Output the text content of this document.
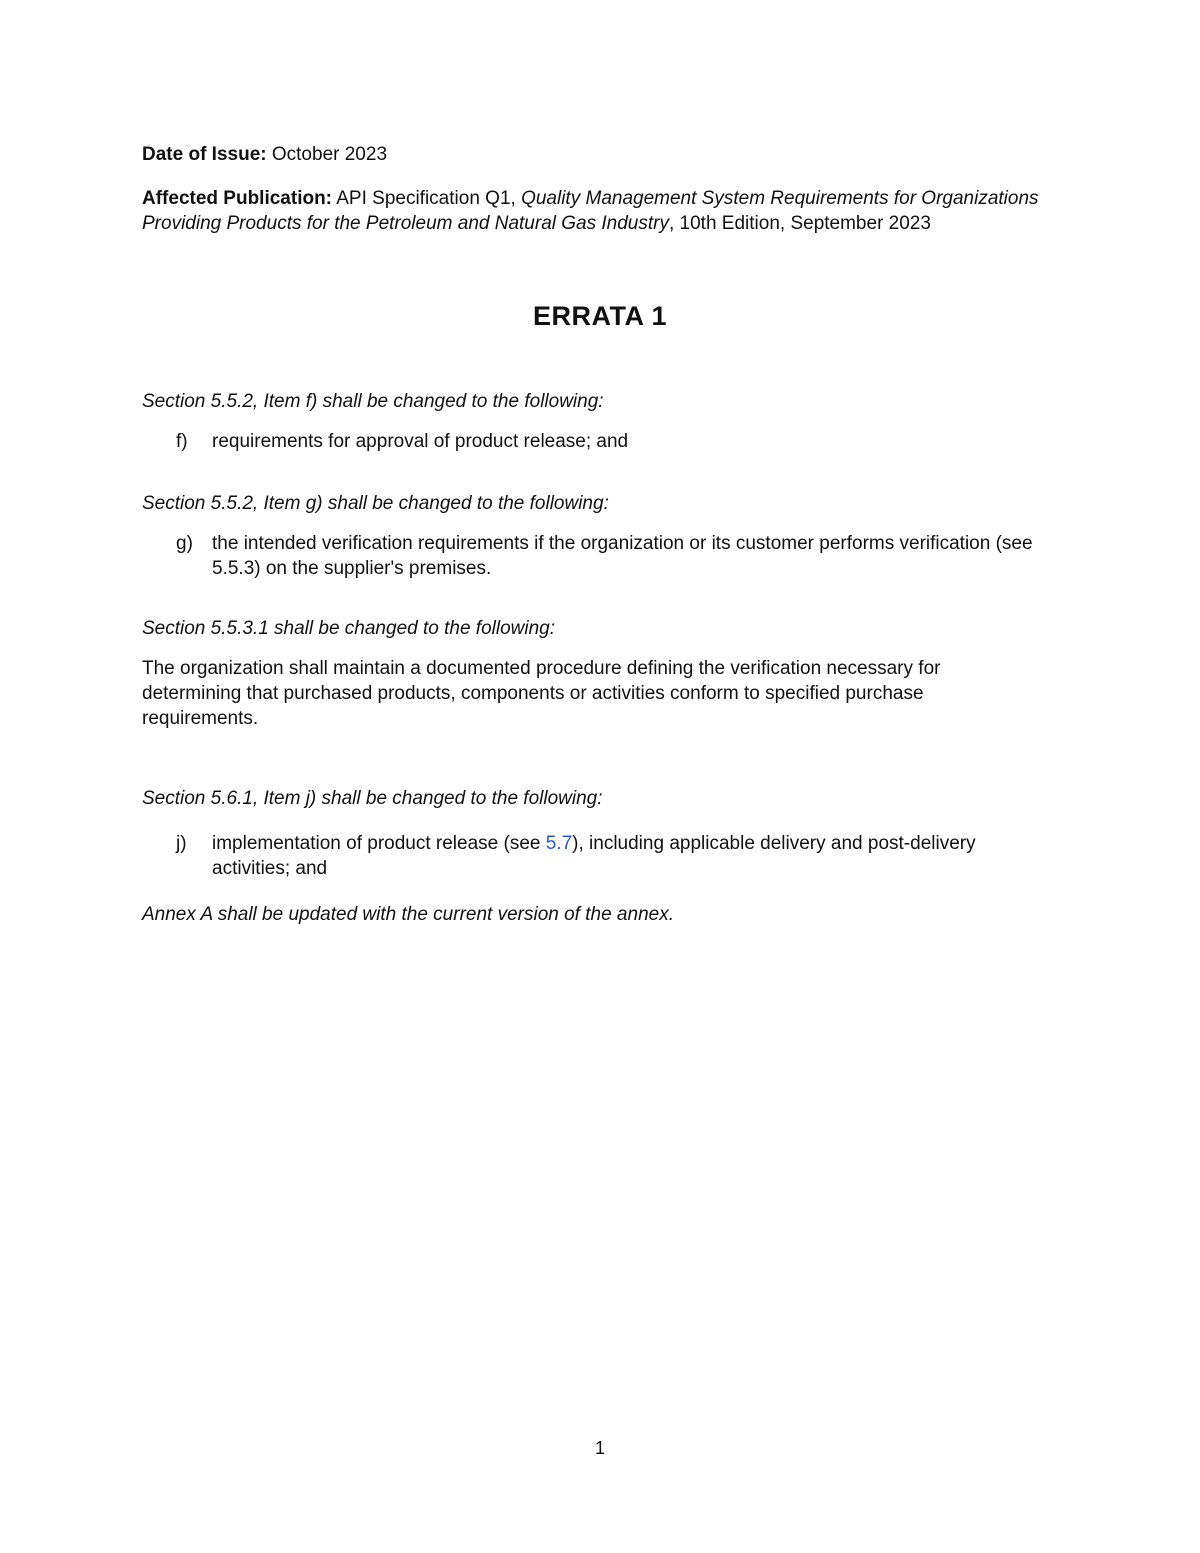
Date of Issue: October 2023
Affected Publication: API Specification Q1, Quality Management System Requirements for Organizations Providing Products for the Petroleum and Natural Gas Industry, 10th Edition, September 2023
ERRATA 1
Section 5.5.2, Item f) shall be changed to the following:
f) requirements for approval of product release; and
Section 5.5.2, Item g) shall be changed to the following:
g) the intended verification requirements if the organization or its customer performs verification (see 5.5.3) on the supplier's premises.
Section 5.5.3.1 shall be changed to the following:
The organization shall maintain a documented procedure defining the verification necessary for determining that purchased products, components or activities conform to specified purchase requirements.
Section 5.6.1, Item j) shall be changed to the following:
j) implementation of product release (see 5.7), including applicable delivery and post-delivery activities; and
Annex A shall be updated with the current version of the annex.
1
